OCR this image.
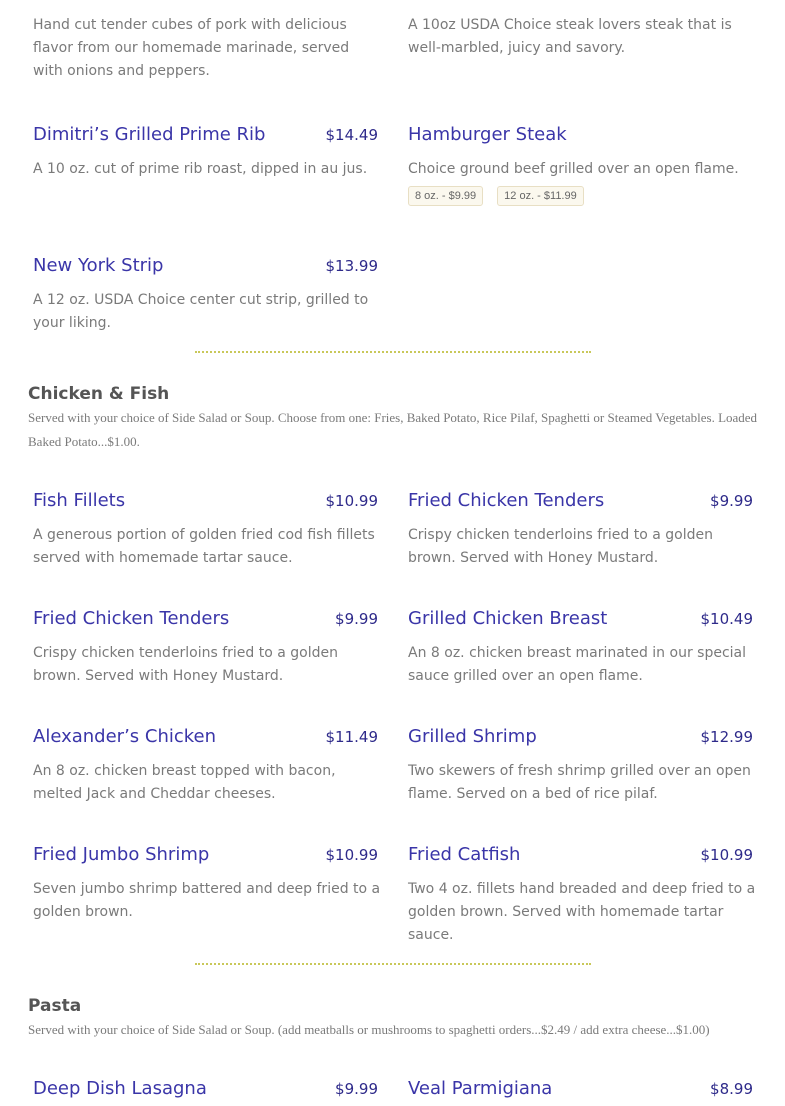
Hand cut tender cubes of pork with delicious flavor from our homemade marinade, served with onions and peppers.
A 10oz USDA Choice steak lovers steak that is well-marbled, juicy and savory.
Dimitri’s Grilled Prime Rib	$14.49
A 10 oz. cut of prime rib roast, dipped in au jus.
Hamburger Steak
Choice ground beef grilled over an open flame.
8 oz. - $9.99	12 oz. - $11.99
New York Strip	$13.99
A 12 oz. USDA Choice center cut strip, grilled to your liking.
Chicken & Fish
Served with your choice of Side Salad or Soup. Choose from one: Fries, Baked Potato, Rice Pilaf, Spaghetti or Steamed Vegetables. Loaded Baked Potato...$1.00.
Fish Fillets	$10.99
A generous portion of golden fried cod fish fillets served with homemade tartar sauce.
Fried Chicken Tenders	$9.99
Crispy chicken tenderloins fried to a golden brown. Served with Honey Mustard.
Fried Chicken Tenders	$9.99
Crispy chicken tenderloins fried to a golden brown. Served with Honey Mustard.
Grilled Chicken Breast	$10.49
An 8 oz. chicken breast marinated in our special sauce grilled over an open flame.
Alexander’s Chicken	$11.49
An 8 oz. chicken breast topped with bacon, melted Jack and Cheddar cheeses.
Grilled Shrimp	$12.99
Two skewers of fresh shrimp grilled over an open flame. Served on a bed of rice pilaf.
Fried Jumbo Shrimp	$10.99
Seven jumbo shrimp battered and deep fried to a golden brown.
Fried Catfish	$10.99
Two 4 oz. fillets hand breaded and deep fried to a golden brown. Served with homemade tartar sauce.
Pasta
Served with your choice of Side Salad or Soup. (add meatballs or mushrooms to spaghetti orders...$2.49 / add extra cheese...$1.00)
Deep Dish Lasagna	$9.99 Veal Parmigiana	$8.99
